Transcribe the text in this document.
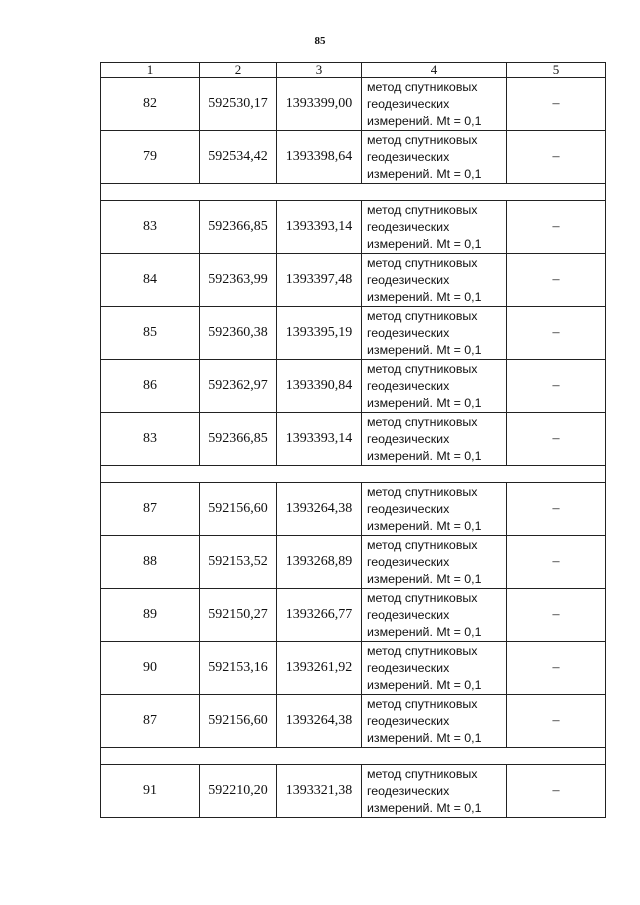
85
1	2	3	4	5
82	592530,17	1393399,00	метод спутниковых
геодезических
измерений. Mt = 0,1	–
79	592534,42	1393398,64	метод спутниковых
геодезических
измерений. Mt = 0,1	–

83	592366,85	1393393,14	метод спутниковых
геодезических
измерений. Mt = 0,1	–
84	592363,99	1393397,48	метод спутниковых
геодезических
измерений. Mt = 0,1	–
85	592360,38	1393395,19	метод спутниковых
геодезических
измерений. Mt = 0,1	–
86	592362,97	1393390,84	метод спутниковых
геодезических
измерений. Mt = 0,1	–
83	592366,85	1393393,14	метод спутниковых
геодезических
измерений. Mt = 0,1	–

87	592156,60	1393264,38	метод спутниковых
геодезических
измерений. Mt = 0,1	–
88	592153,52	1393268,89	метод спутниковых
геодезических
измерений. Mt = 0,1	–
89	592150,27	1393266,77	метод спутниковых
геодезических
измерений. Mt = 0,1	–
90	592153,16	1393261,92	метод спутниковых
геодезических
измерений. Mt = 0,1	–
87	592156,60	1393264,38	метод спутниковых
геодезических
измерений. Mt = 0,1	–

91	592210,20	1393321,38	метод спутниковых
геодезических
измерений. Mt = 0,1	–
